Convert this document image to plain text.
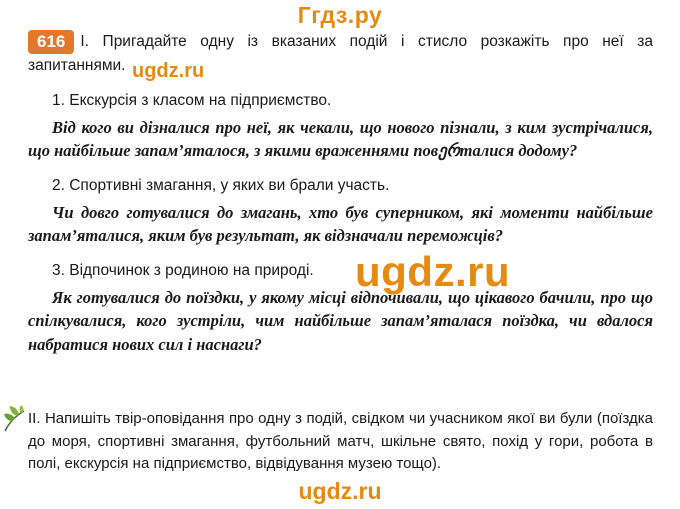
Ггдз.ру
616 I. Пригадайте одну із вказаних подій і стисло розкажіть про неї за запитаннями.
1. Екскурсія з класом на підприємство.
Від кого ви дізналися про неї, як чекали, що нового пізнали, з ким зустрічалися, що найбільше запам’яталося, з якими враженнями повერталися додому?
2. Спортивні змагання, у яких ви брали участь.
Чи довго готувалися до змагань, хто був суперником, які моменти найбільше запам’яталися, яким був результат, як відзначали переможців?
3. Відпочинок з родиною на природі.
Як готувалися до поїздки, у якому місці відпочивали, що цікавого бачили, про що спілкувалися, кого зустріли, чим найбільше запам’яталася поїздка, чи вдалося набратися нових сил і наснаги?
II. Напишіть твір-оповідання про одну з подій, свідком чи учасником якої ви були (поїздка до моря, спортивні змагання, футбольний матч, шкільне свято, похід у гори, робота в полі, екскурсія на підприємство, відвідування музею тощо).
ugdz.ru
ugdz.ru
ugdz.ru
